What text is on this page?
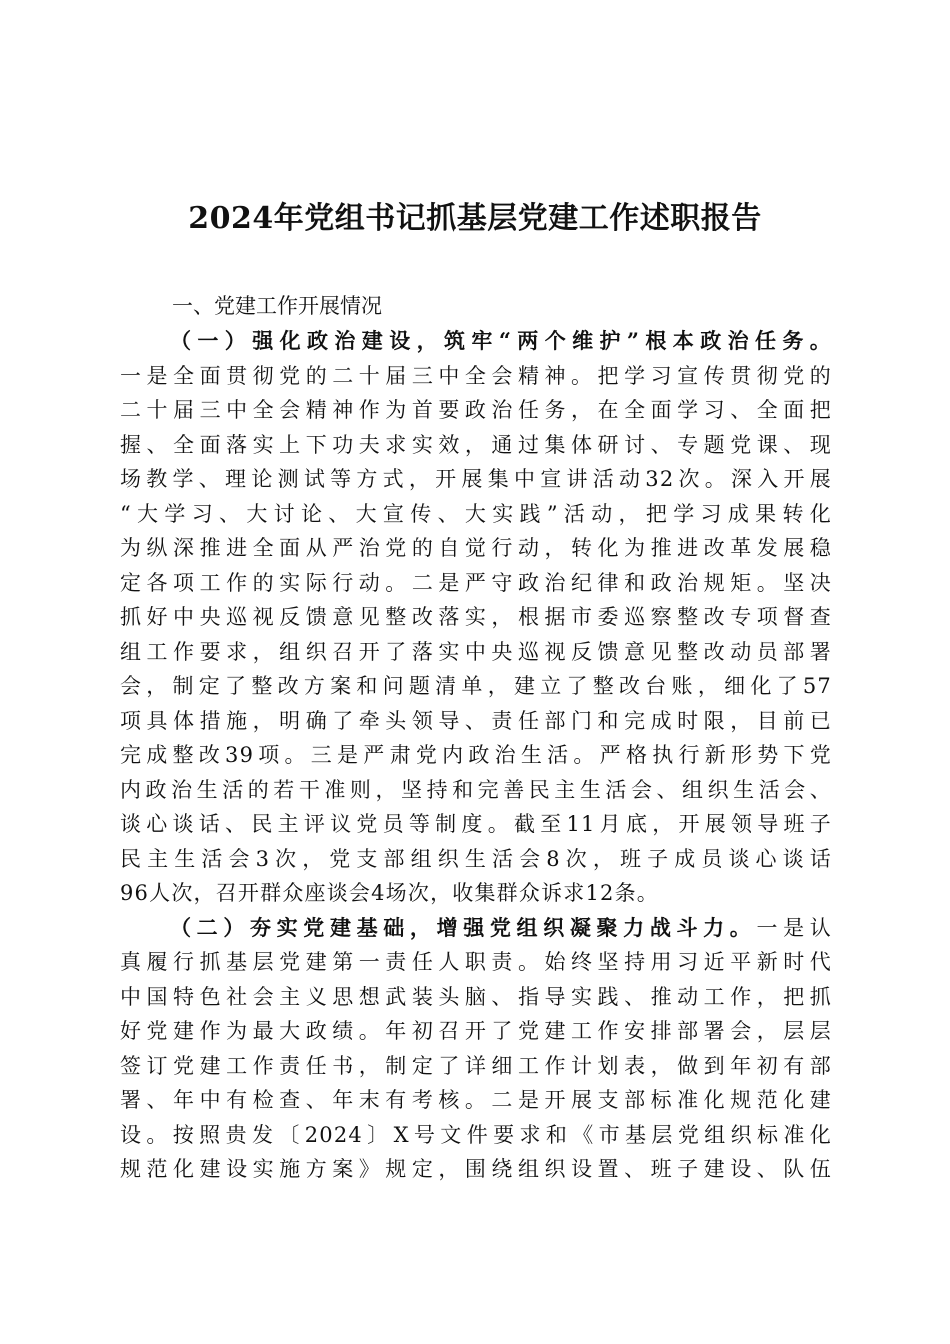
2024年党组书记抓基层党建工作述职报告
一、党建工作开展情况
（一）强化政治建设，筑牢“两个维护”根本政治任务。
一是全面贯彻党的二十届三中全会精神。把学习宣传贯彻党的
二十届三中全会精神作为首要政治任务，在全面学习、全面把
握、全面落实上下功夫求实效，通过集体研讨、专题党课、现
场教学、理论测试等方式，开展集中宣讲活动32次。深入开展
“大学习、大讨论、大宣传、大实践”活动，把学习成果转化
为纵深推进全面从严治党的自觉行动，转化为推进改革发展稳
定各项工作的实际行动。二是严守政治纪律和政治规矩。坚决
抓好中央巡视反馈意见整改落实，根据市委巡察整改专项督查
组工作要求，组织召开了落实中央巡视反馈意见整改动员部署
会，制定了整改方案和问题清单，建立了整改台账，细化了57
项具体措施，明确了牵头领导、责任部门和完成时限，目前已
完成整改39项。三是严肃党内政治生活。严格执行新形势下党
内政治生活的若干准则，坚持和完善民主生活会、组织生活会、
谈心谈话、民主评议党员等制度。截至11月底，开展领导班子
民主生活会3次，党支部组织生活会8次，班子成员谈心谈话
96人次，召开群众座谈会4场次，收集群众诉求12条。
（二）夯实党建基础，增强党组织凝聚力战斗力。一是认
真履行抓基层党建第一责任人职责。始终坚持用习近平新时代
中国特色社会主义思想武装头脑、指导实践、推动工作，把抓
好党建作为最大政绩。年初召开了党建工作安排部署会，层层
签订党建工作责任书，制定了详细工作计划表，做到年初有部
署、年中有检查、年末有考核。二是开展支部标准化规范化建
设。按照贵发〔2024〕X号文件要求和《市基层党组织标准化
规范化建设实施方案》规定，围绕组织设置、班子建设、队伍
